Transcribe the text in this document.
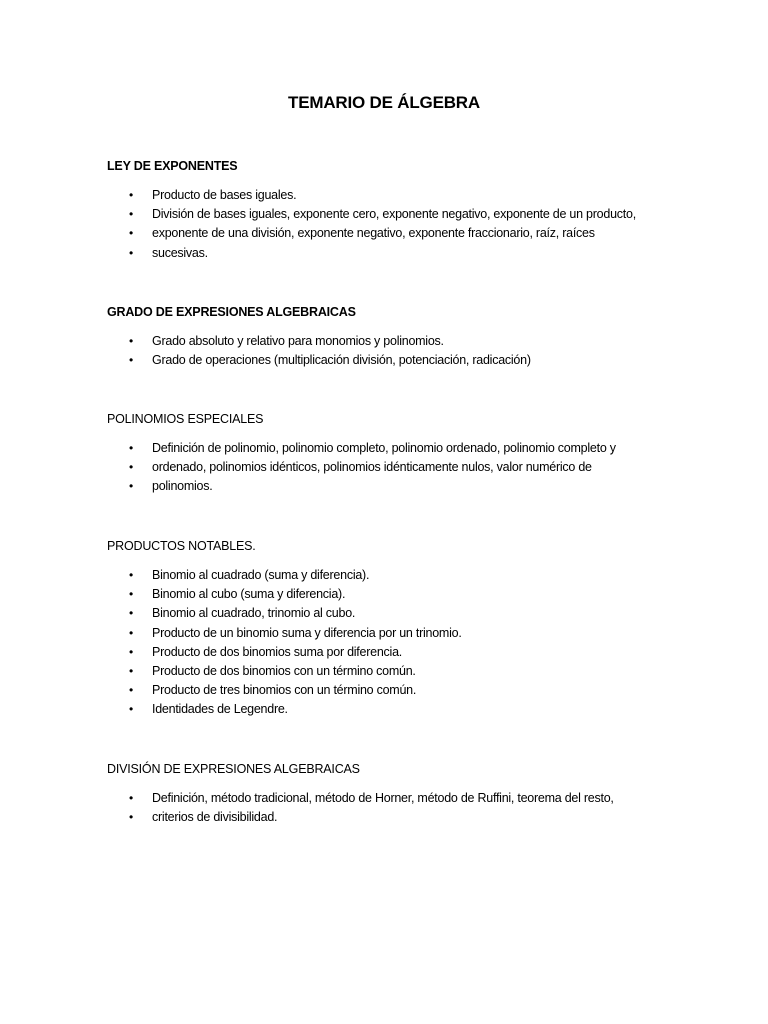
TEMARIO DE ÁLGEBRA

LEY DE EXPONENTES

• Producto de bases iguales.
• División de bases iguales, exponente cero, exponente negativo, exponente de un producto,
• exponente de una división, exponente negativo, exponente fraccionario, raíz, raíces
• sucesivas.

GRADO DE EXPRESIONES ALGEBRAICAS

• Grado absoluto y relativo para monomios y polinomios.
• Grado de operaciones (multiplicación división, potenciación, radicación)

POLINOMIOS ESPECIALES

• Definición de polinomio, polinomio completo, polinomio ordenado, polinomio completo y
• ordenado, polinomios idénticos, polinomios idénticamente nulos, valor numérico de
• polinomios.

PRODUCTOS NOTABLES.

• Binomio al cuadrado (suma y diferencia).
• Binomio al cubo (suma y diferencia).
• Binomio al cuadrado, trinomio al cubo.
• Producto de un binomio suma y diferencia por un trinomio.
• Producto de dos binomios suma por diferencia.
• Producto de dos binomios con un término común.
• Producto de tres binomios con un término común.
• Identidades de Legendre.

DIVISIÓN DE EXPRESIONES ALGEBRAICAS

• Definición, método tradicional, método de Horner, método de Ruffini, teorema del resto,
• criterios de divisibilidad.
